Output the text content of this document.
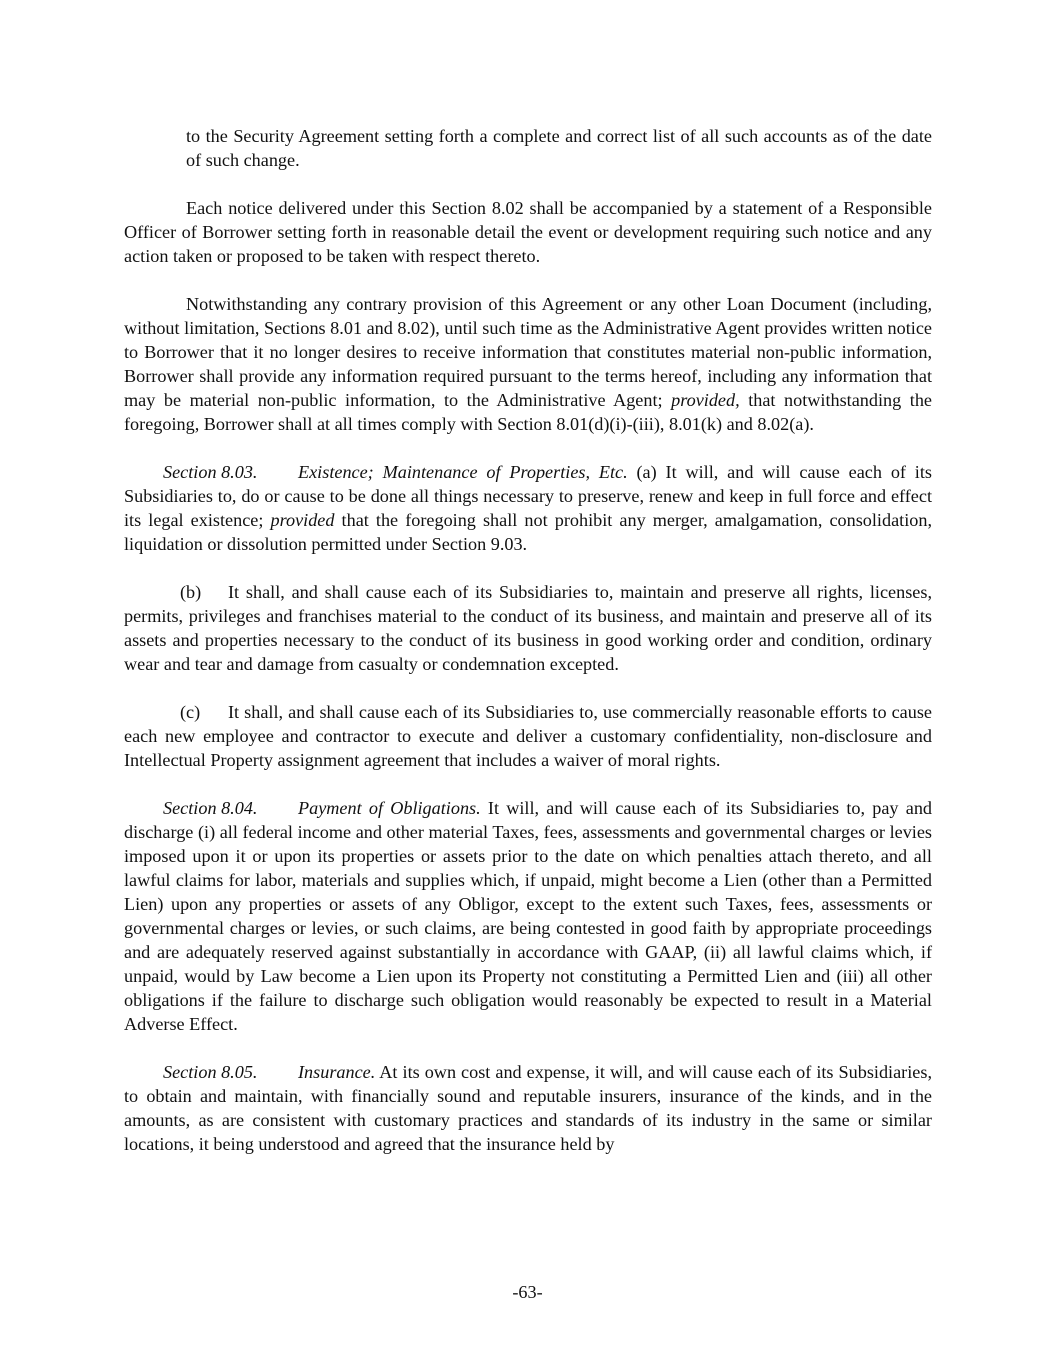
to the Security Agreement setting forth a complete and correct list of all such accounts as of the date of such change.

Each notice delivered under this Section 8.02 shall be accompanied by a statement of a Responsible Officer of Borrower setting forth in reasonable detail the event or development requiring such notice and any action taken or proposed to be taken with respect thereto.

Notwithstanding any contrary provision of this Agreement or any other Loan Document (including, without limitation, Sections 8.01 and 8.02), until such time as the Administrative Agent provides written notice to Borrower that it no longer desires to receive information that constitutes material non-public information, Borrower shall provide any information required pursuant to the terms hereof, including any information that may be material non-public information, to the Administrative Agent; provided, that notwithstanding the foregoing, Borrower shall at all times comply with Section 8.01(d)(i)-(iii), 8.01(k) and 8.02(a).

Section 8.03. Existence; Maintenance of Properties, Etc. (a) It will, and will cause each of its Subsidiaries to, do or cause to be done all things necessary to preserve, renew and keep in full force and effect its legal existence; provided that the foregoing shall not prohibit any merger, amalgamation, consolidation, liquidation or dissolution permitted under Section 9.03.

(b) It shall, and shall cause each of its Subsidiaries to, maintain and preserve all rights, licenses, permits, privileges and franchises material to the conduct of its business, and maintain and preserve all of its assets and properties necessary to the conduct of its business in good working order and condition, ordinary wear and tear and damage from casualty or condemnation excepted.

(c) It shall, and shall cause each of its Subsidiaries to, use commercially reasonable efforts to cause each new employee and contractor to execute and deliver a customary confidentiality, non-disclosure and Intellectual Property assignment agreement that includes a waiver of moral rights.

Section 8.04. Payment of Obligations. It will, and will cause each of its Subsidiaries to, pay and discharge (i) all federal income and other material Taxes, fees, assessments and governmental charges or levies imposed upon it or upon its properties or assets prior to the date on which penalties attach thereto, and all lawful claims for labor, materials and supplies which, if unpaid, might become a Lien (other than a Permitted Lien) upon any properties or assets of any Obligor, except to the extent such Taxes, fees, assessments or governmental charges or levies, or such claims, are being contested in good faith by appropriate proceedings and are adequately reserved against substantially in accordance with GAAP, (ii) all lawful claims which, if unpaid, would by Law become a Lien upon its Property not constituting a Permitted Lien and (iii) all other obligations if the failure to discharge such obligation would reasonably be expected to result in a Material Adverse Effect.

Section 8.05. Insurance. At its own cost and expense, it will, and will cause each of its Subsidiaries, to obtain and maintain, with financially sound and reputable insurers, insurance of the kinds, and in the amounts, as are consistent with customary practices and standards of its industry in the same or similar locations, it being understood and agreed that the insurance held by

-63-
